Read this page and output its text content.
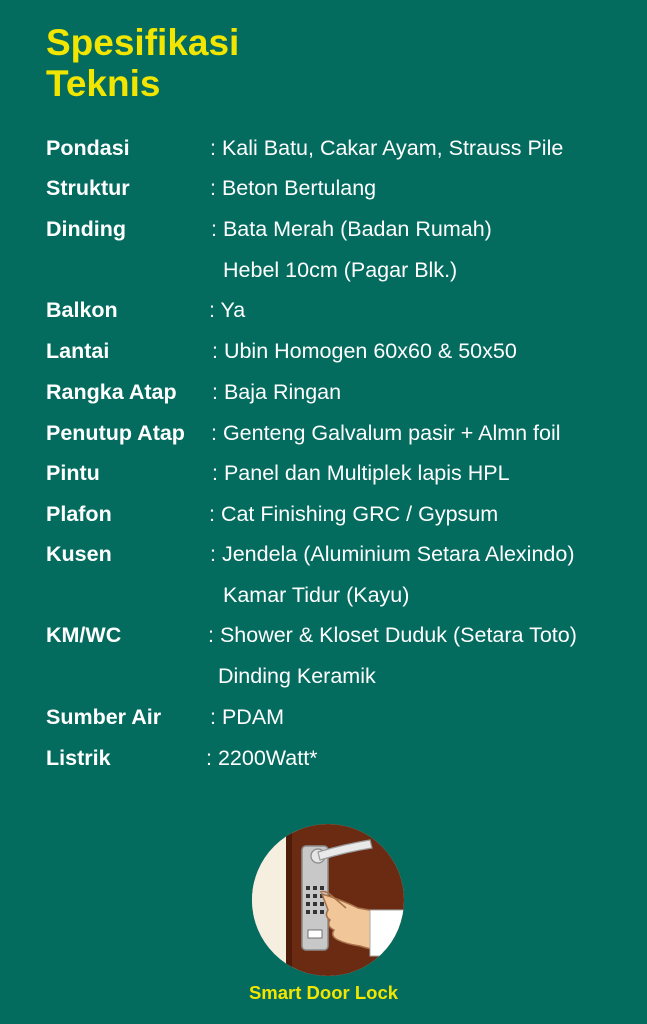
Spesifikasi
Teknis
Pondasi	: Kali Batu, Cakar Ayam, Strauss Pile
Struktur	: Beton Bertulang
Dinding	: Bata Merah (Badan Rumah)
Hebel 10cm (Pagar Blk.)
Balkon	: Ya
Lantai	: Ubin Homogen 60x60 & 50x50
Rangka Atap : Baja Ringan
Penutup Atap : Genteng Galvalum pasir + Almn foil
Pintu	: Panel dan Multiplek lapis HPL
Plafon	: Cat Finishing GRC / Gypsum
Kusen	: Jendela (Aluminium Setara Alexindo)
Kamar Tidur (Kayu)
KM/WC	: Shower & Kloset Duduk (Setara Toto)
Dinding Keramik
Sumber Air : PDAM
Listrik	: 2200Watt*
Smart Door Lock
